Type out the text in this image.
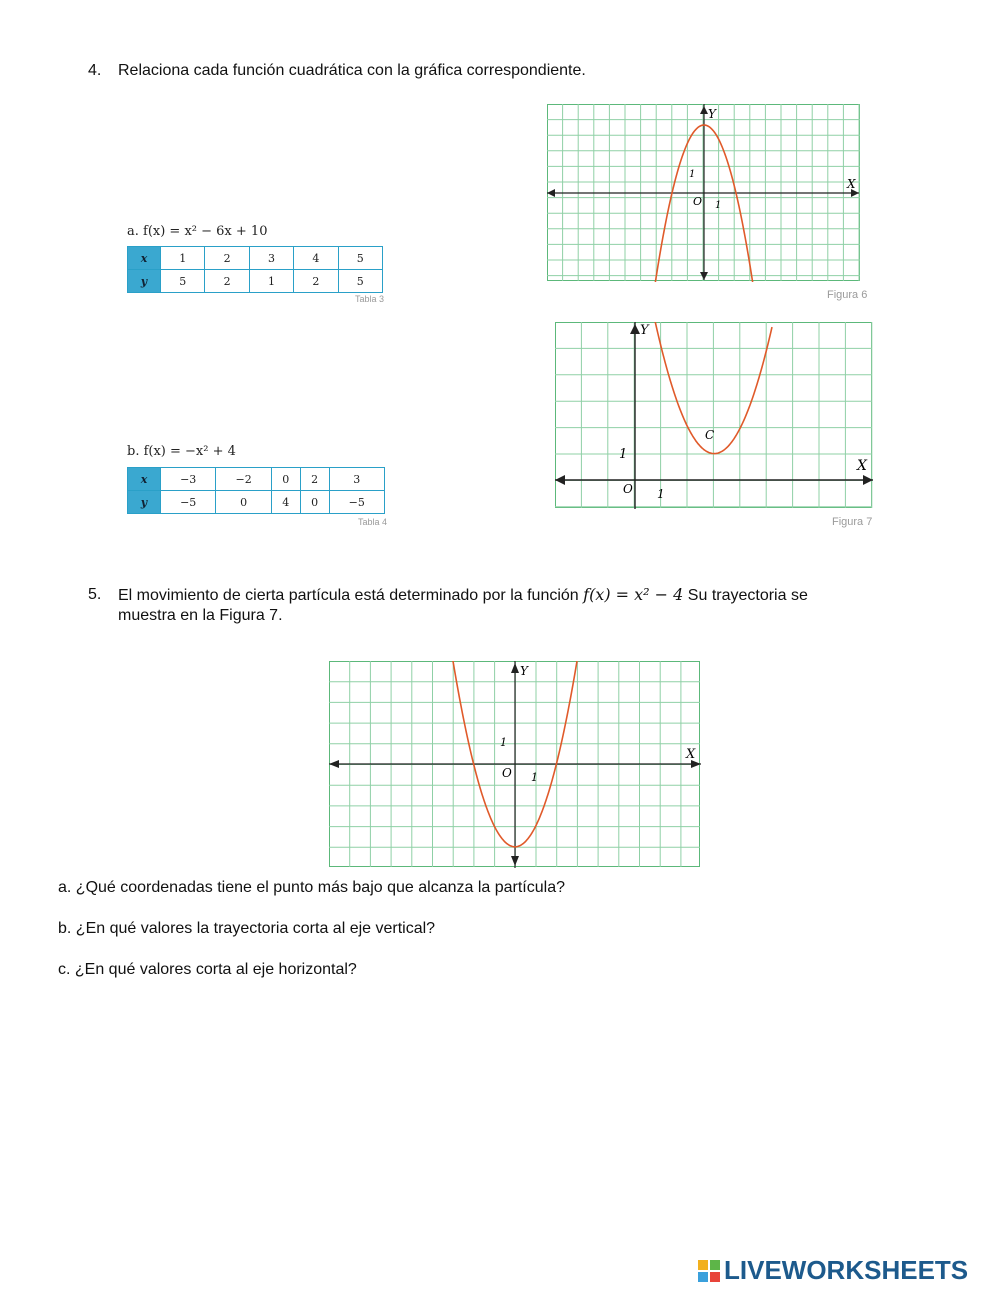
4. Relaciona cada función cuadrática con la gráfica correspondiente.
a. f(x) = x² − 6x + 10
x	1	2	3	4	5
y	5	2	1	2	5
Tabla 3
b. f(x) = −x² + 4
x	−3	−2	0	2	3
y	−5	0	4	0	−5
Tabla 4
X
Y
O 1
1
Figura 6
X
Y
O 1
1
C
Figura 7
5. El movimiento de cierta partícula está determinado por la función f(x) = x² − 4 Su trayectoria se
muestra en la Figura 7.
X
Y
O 1
1
a. ¿Qué coordenadas tiene el punto más bajo que alcanza la partícula?
b. ¿En qué valores la trayectoria corta al eje vertical?
c. ¿En qué valores corta al eje horizontal?
LIVEWORKSHEETS
